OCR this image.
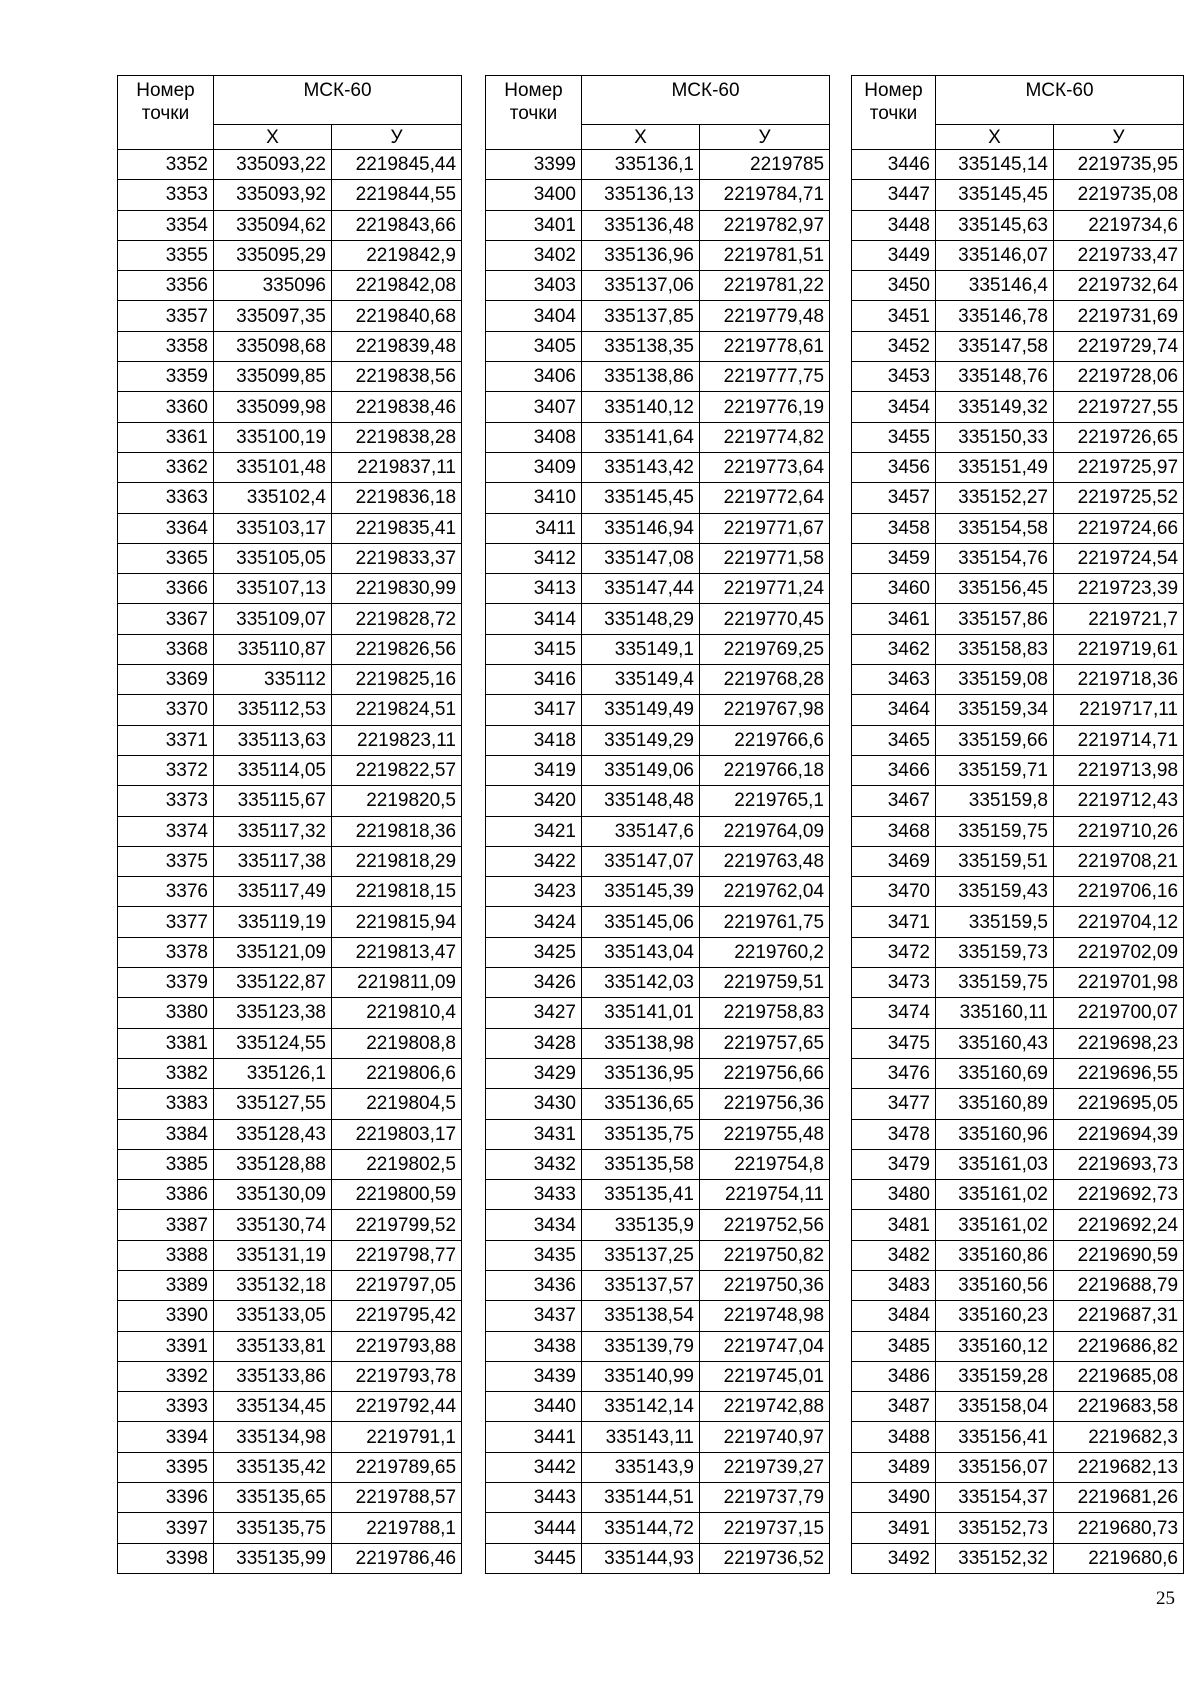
Номер
точки	МСК-60	
	X	У
3352	335093,22	2219845,44
3353	335093,92	2219844,55
3354	335094,62	2219843,66
3355	335095,29	2219842,9
3356	335096	2219842,08
3357	335097,35	2219840,68
3358	335098,68	2219839,48
3359	335099,85	2219838,56
3360	335099,98	2219838,46
3361	335100,19	2219838,28
3362	335101,48	2219837,11
3363	335102,4	2219836,18
3364	335103,17	2219835,41
3365	335105,05	2219833,37
3366	335107,13	2219830,99
3367	335109,07	2219828,72
3368	335110,87	2219826,56
3369	335112	2219825,16
3370	335112,53	2219824,51
3371	335113,63	2219823,11
3372	335114,05	2219822,57
3373	335115,67	2219820,5
3374	335117,32	2219818,36
3375	335117,38	2219818,29
3376	335117,49	2219818,15
3377	335119,19	2219815,94
3378	335121,09	2219813,47
3379	335122,87	2219811,09
3380	335123,38	2219810,4
3381	335124,55	2219808,8
3382	335126,1	2219806,6
3383	335127,55	2219804,5
3384	335128,43	2219803,17
3385	335128,88	2219802,5
3386	335130,09	2219800,59
3387	335130,74	2219799,52
3388	335131,19	2219798,77
3389	335132,18	2219797,05
3390	335133,05	2219795,42
3391	335133,81	2219793,88
3392	335133,86	2219793,78
3393	335134,45	2219792,44
3394	335134,98	2219791,1
3395	335135,42	2219789,65
3396	335135,65	2219788,57
3397	335135,75	2219788,1
3398	335135,99	2219786,46
Номер
точки	МСК-60	
	X	У
3399	335136,1	2219785
3400	335136,13	2219784,71
3401	335136,48	2219782,97
3402	335136,96	2219781,51
3403	335137,06	2219781,22
3404	335137,85	2219779,48
3405	335138,35	2219778,61
3406	335138,86	2219777,75
3407	335140,12	2219776,19
3408	335141,64	2219774,82
3409	335143,42	2219773,64
3410	335145,45	2219772,64
3411	335146,94	2219771,67
3412	335147,08	2219771,58
3413	335147,44	2219771,24
3414	335148,29	2219770,45
3415	335149,1	2219769,25
3416	335149,4	2219768,28
3417	335149,49	2219767,98
3418	335149,29	2219766,6
3419	335149,06	2219766,18
3420	335148,48	2219765,1
3421	335147,6	2219764,09
3422	335147,07	2219763,48
3423	335145,39	2219762,04
3424	335145,06	2219761,75
3425	335143,04	2219760,2
3426	335142,03	2219759,51
3427	335141,01	2219758,83
3428	335138,98	2219757,65
3429	335136,95	2219756,66
3430	335136,65	2219756,36
3431	335135,75	2219755,48
3432	335135,58	2219754,8
3433	335135,41	2219754,11
3434	335135,9	2219752,56
3435	335137,25	2219750,82
3436	335137,57	2219750,36
3437	335138,54	2219748,98
3438	335139,79	2219747,04
3439	335140,99	2219745,01
3440	335142,14	2219742,88
3441	335143,11	2219740,97
3442	335143,9	2219739,27
3443	335144,51	2219737,79
3444	335144,72	2219737,15
3445	335144,93	2219736,52
Номер
точки	МСК-60	
	X	У
3446	335145,14	2219735,95
3447	335145,45	2219735,08
3448	335145,63	2219734,6
3449	335146,07	2219733,47
3450	335146,4	2219732,64
3451	335146,78	2219731,69
3452	335147,58	2219729,74
3453	335148,76	2219728,06
3454	335149,32	2219727,55
3455	335150,33	2219726,65
3456	335151,49	2219725,97
3457	335152,27	2219725,52
3458	335154,58	2219724,66
3459	335154,76	2219724,54
3460	335156,45	2219723,39
3461	335157,86	2219721,7
3462	335158,83	2219719,61
3463	335159,08	2219718,36
3464	335159,34	2219717,11
3465	335159,66	2219714,71
3466	335159,71	2219713,98
3467	335159,8	2219712,43
3468	335159,75	2219710,26
3469	335159,51	2219708,21
3470	335159,43	2219706,16
3471	335159,5	2219704,12
3472	335159,73	2219702,09
3473	335159,75	2219701,98
3474	335160,11	2219700,07
3475	335160,43	2219698,23
3476	335160,69	2219696,55
3477	335160,89	2219695,05
3478	335160,96	2219694,39
3479	335161,03	2219693,73
3480	335161,02	2219692,73
3481	335161,02	2219692,24
3482	335160,86	2219690,59
3483	335160,56	2219688,79
3484	335160,23	2219687,31
3485	335160,12	2219686,82
3486	335159,28	2219685,08
3487	335158,04	2219683,58
3488	335156,41	2219682,3
3489	335156,07	2219682,13
3490	335154,37	2219681,26
3491	335152,73	2219680,73
3492	335152,32	2219680,6
25
